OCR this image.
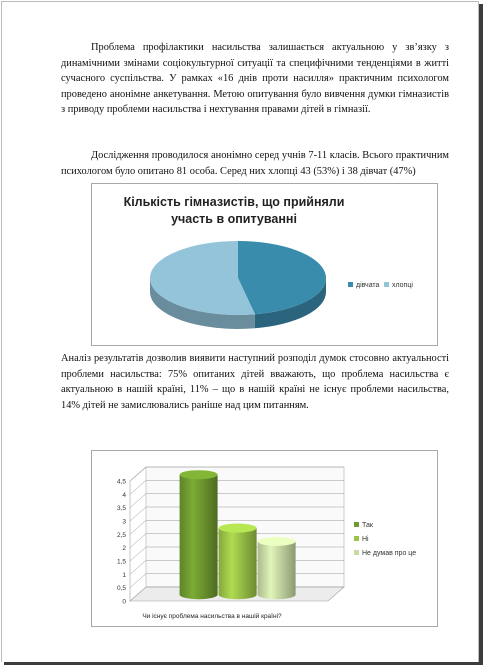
Проблема профілактики насильства залишається актуальною у зв’язку з динамічними змінами соціокультурної ситуації та специфічними тенденціями в житті сучасного суспільства. У рамках «16 днів проти насилля» практичним психологом проведено анонімне анкетування. Метою опитування було вивчення думки гімназистів з приводу проблеми насильства і нехтування правами дітей в гімназії.

Дослідження проводилося анонімно серед учнів 7-11 класів. Всього практичним психологом було опитано 81 особа. Серед них хлопці 43 (53%) і 38 дівчат (47%)

Кількість гімназистів, що прийняли
участь в опитуванні
дівчата хлопці

Аналіз результатів дозволив виявити наступний розподіл думок стосовно актуальності проблеми насильства: 75% опитаних дітей вважають, що проблема насильства є актуальною в нашій країні, 11% – що в нашій країні не існує проблеми насильства, 14% дітей не замислювались раніше над цим питанням.

0
0,5
1
1,5
2
2,5
3
3,5
4
4,5
Так
Ні
Не думав про це
Чи існує проблема насильства в нашій країні?
